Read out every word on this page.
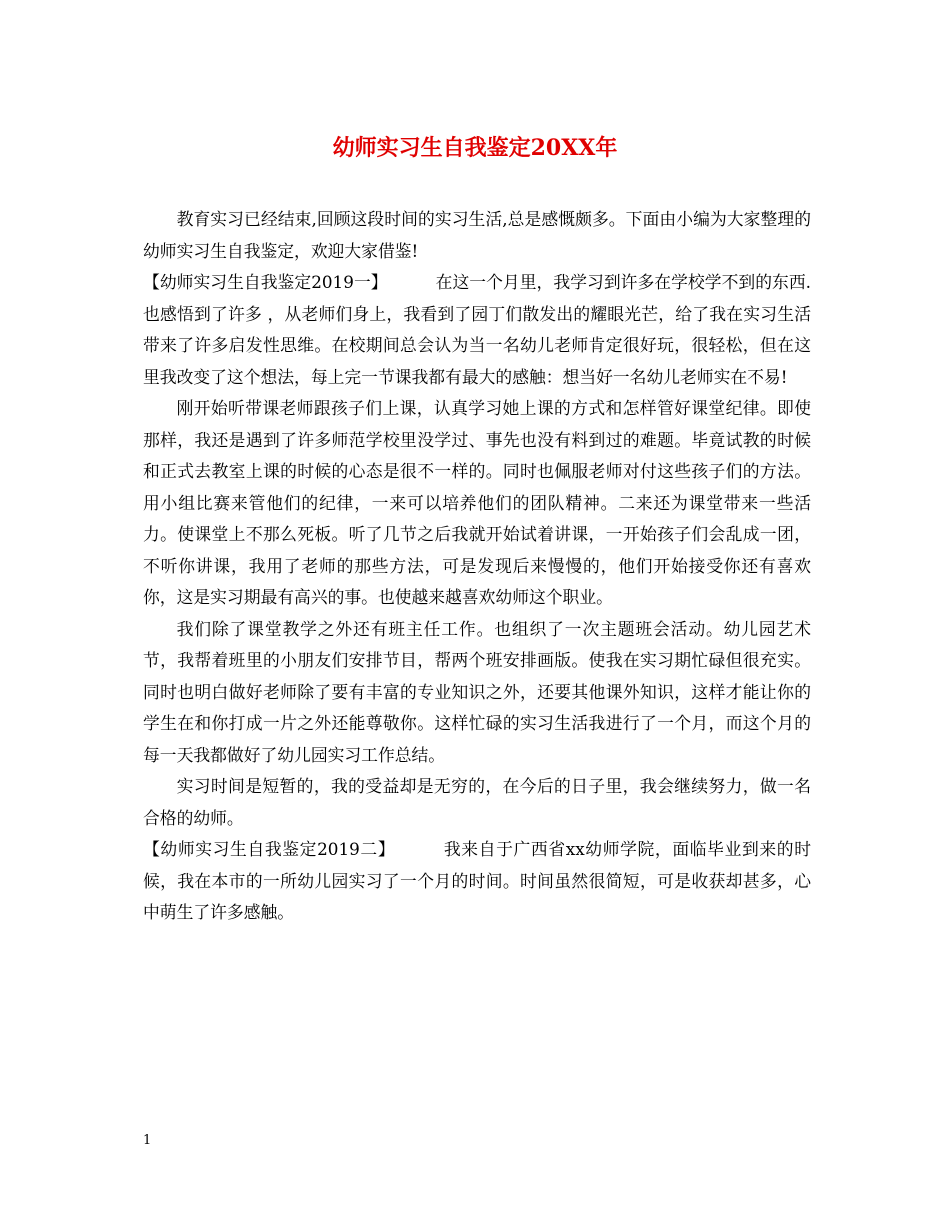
幼师实习生自我鉴定20XX年

教育实习已经结束,回顾这段时间的实习生活,总是感慨颇多。下面由小编为大家整理的幼师实习生自我鉴定，欢迎大家借鉴!

【幼师实习生自我鉴定2019一】	在这一个月里，我学习到许多在学校学不到的东西.也感悟到了许多 ，从老师们身上，我看到了园丁们散发出的耀眼光芒，给了我在实习生活带来了许多启发性思维。在校期间总会认为当一名幼儿老师肯定很好玩，很轻松，但在这里我改变了这个想法，每上完一节课我都有最大的感触：想当好一名幼儿老师实在不易!

刚开始听带课老师跟孩子们上课，认真学习她上课的方式和怎样管好课堂纪律。即使那样，我还是遇到了许多师范学校里没学过、事先也没有料到过的难题。毕竟试教的时候和正式去教室上课的时候的心态是很不一样的。同时也佩服老师对付这些孩子们的方法。用小组比赛来管他们的纪律，一来可以培养他们的团队精神。二来还为课堂带来一些活力。使课堂上不那么死板。听了几节之后我就开始试着讲课，一开始孩子们会乱成一团，不听你讲课，我用了老师的那些方法，可是发现后来慢慢的，他们开始接受你还有喜欢你，这是实习期最有高兴的事。也使越来越喜欢幼师这个职业。

我们除了课堂教学之外还有班主任工作。也组织了一次主题班会活动。幼儿园艺术节，我帮着班里的小朋友们安排节目，帮两个班安排画版。使我在实习期忙碌但很充实。同时也明白做好老师除了要有丰富的专业知识之外，还要其他课外知识，这样才能让你的学生在和你打成一片之外还能尊敬你。这样忙碌的实习生活我进行了一个月，而这个月的每一天我都做好了幼儿园实习工作总结。

实习时间是短暂的，我的受益却是无穷的，在今后的日子里，我会继续努力，做一名合格的幼师。

【幼师实习生自我鉴定2019二】	我来自于广西省xx幼师学院，面临毕业到来的时候，我在本市的一所幼儿园实习了一个月的时间。时间虽然很简短，可是收获却甚多，心中萌生了许多感触。

1
